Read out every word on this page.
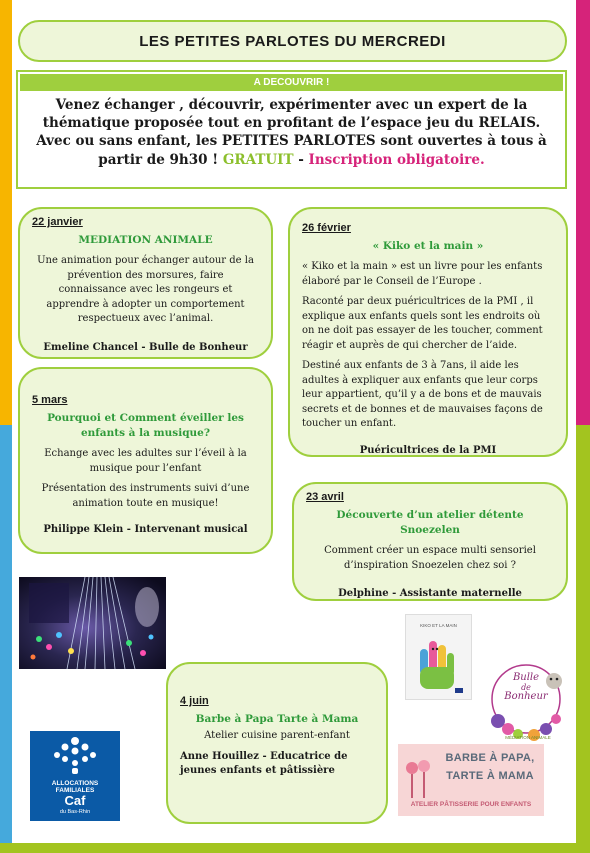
LES PETITES PARLOTES DU MERCREDI
A DECOUVRIR !
Venez échanger , découvrir, expérimenter avec un expert de la thématique proposée tout en profitant de l’espace jeu du RELAIS.
Avec ou sans enfant, les PETITES PARLOTES sont ouvertes à tous à partir de 9h30 ! GRATUIT - Inscription obligatoire.
22 janvier
MEDIATION ANIMALE

Une animation pour échanger autour de la prévention des morsures, faire connaissance avec les rongeurs et apprendre à adopter un comportement respectueux avec l’animal.

Emeline Chancel - Bulle de Bonheur
26 février
« Kiko et la main »

« Kiko et la main » est un livre pour les enfants élaboré par le Conseil de l’Europe .

Raconté par deux puéricultrices de la PMI , il explique aux enfants quels sont les endroits où on ne doit pas essayer de les toucher, comment réagir et auprès de qui chercher de l’aide.

Destiné aux enfants de 3 à 7ans, il aide les adultes à expliquer aux enfants que leur corps leur appartient, qu’il y a de bons et de mauvais secrets et de bonnes et de mauvaises façons de toucher un enfant.

Puéricultrices de la PMI
5 mars
Pourquoi et Comment éveiller les enfants à la musique?

Echange avec les adultes sur l’éveil à la musique pour l’enfant

Présentation des instruments suivi d’une animation toute en musique!

Philippe Klein - Intervenant musical
23 avril
Découverte d’un atelier détente Snoezelen

Comment créer un espace multi sensoriel d’inspiration Snoezelen chez soi ?

Delphine - Assistante maternelle
4 juin
Barbe à Papa Tarte à Mama

Atelier cuisine parent-enfant

Anne Houillez - Educatrice de jeunes enfants et pâtissière
KIKO ET LA MAIN
Bulle
de
Bonheur
MÉDIATION ANIMALE
BARBE À PAPA,
TARTE À MAMA
ATELIER PÂTISSERIE POUR ENFANTS
ALLOCATIONS
FAMILIALES
Caf
du Bas-Rhin
